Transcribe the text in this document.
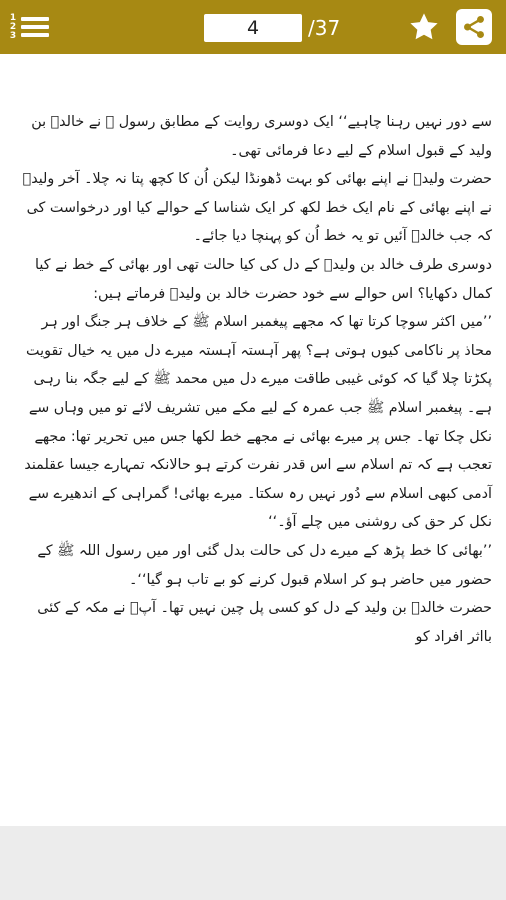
1
2
3	4	/37

سے دور نہیں رہنا چاہیے‘‘ ایک دوسری روایت کے مطابق رسول ﷺ نے خالدؓ بن ولید کے قبول اسلام کے لیے دعا فرمائی تھی۔

حضرت ولیدؓ نے اپنے بھائی کو بہت ڈھونڈا لیکن اُن کا کچھ پتا نہ چلا۔ آخر ولیدؓ نے اپنے بھائی کے نام ایک خط لکھ کر ایک شناسا کے حوالے کیا اور درخواست کی کہ جب خالدؓ آئیں تو یہ خط اُن کو پہنچا دیا جائے۔

دوسری طرف خالد بن ولیدؓ کے دل کی کیا حالت تھی اور بھائی کے خط نے کیا کمال دکھایا؟ اس حوالے سے خود حضرت خالد بن ولیدؓ فرماتے ہیں:

’’میں اکثر سوچا کرتا تھا کہ مجھے پیغمبر اسلام ﷺ کے خلاف ہر جنگ اور ہر محاذ پر ناکامی کیوں ہوتی ہے؟ پھر آہستہ آہستہ میرے دل میں یہ خیال تقویت پکڑتا چلا گیا کہ کوئی غیبی طاقت میرے دل میں محمد ﷺ کے لیے جگہ بنا رہی ہے۔ پیغمبر اسلام ﷺ جب عمرہ کے لیے مکے میں تشریف لائے تو میں وہاں سے نکل چکا تھا۔ جس پر میرے بھائی نے مجھے خط لکھا جس میں تحریر تھا: مجھے تعجب ہے کہ تم اسلام سے اس قدر نفرت کرتے ہو حالانکہ تمہارے جیسا عقلمند آدمی کبھی اسلام سے دُور نہیں رہ سکتا۔ میرے بھائی! گمراہی کے اندھیرے سے نکل کر حق کی روشنی میں چلے آؤ۔‘‘

’’بھائی کا خط پڑھ کے میرے دل کی حالت بدل گئی اور میں رسول اللہ ﷺ کے حضور میں حاضر ہو کر اسلام قبول کرنے کو بے تاب ہو گیا‘‘۔

حضرت خالدؓ بن ولید کے دل کو کسی پل چین نہیں تھا۔ آپؓ نے مکہ کے کئی بااثر افراد کو
